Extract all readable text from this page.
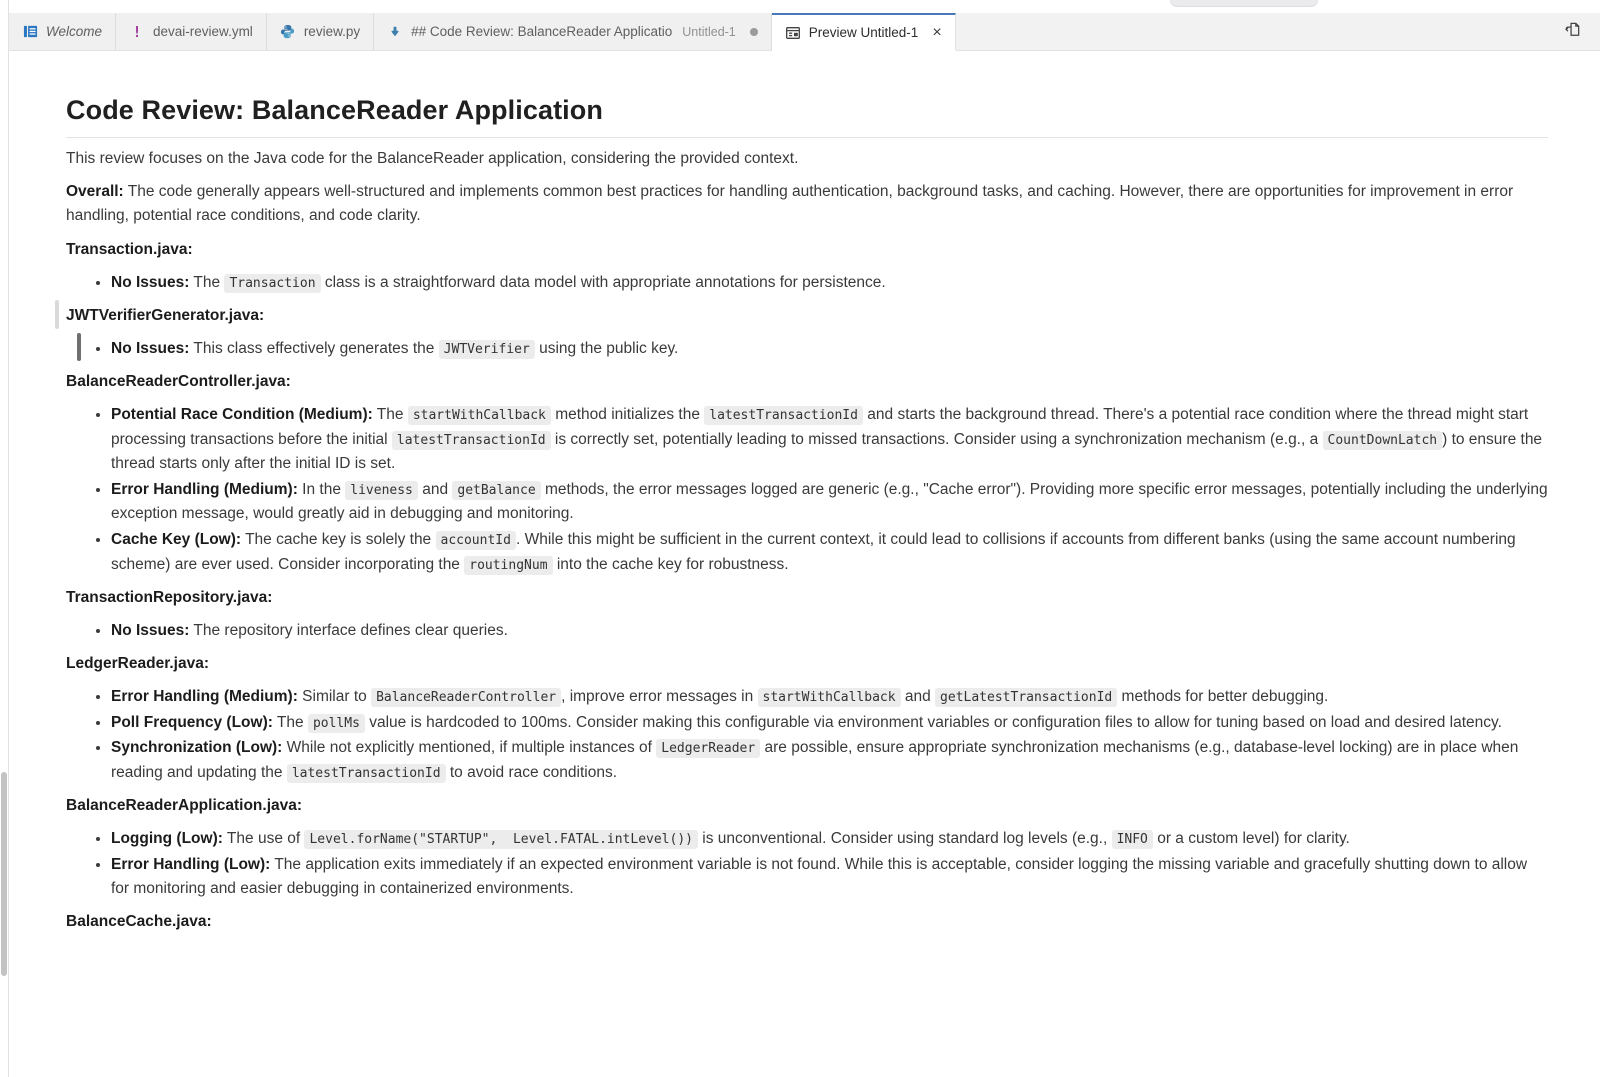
Welcome ! devai-review.yml	review.py	## Code Review: BalanceReader Applicatio Untitled-1	Preview Untitled-1 ×
Code Review: BalanceReader Application

This review focuses on the Java code for the BalanceReader application, considering the provided context.

Overall: The code generally appears well-structured and implements common best practices for handling authentication, background tasks, and caching. However, there are opportunities for improvement in error handling, potential race conditions, and code clarity.

Transaction.java:

• No Issues: The Transaction class is a straightforward data model with appropriate annotations for persistence.

JWTVerifierGenerator.java:

• No Issues: This class effectively generates the JWTVerifier using the public key.

BalanceReaderController.java:

• Potential Race Condition (Medium): The startWithCallback method initializes the latestTransactionId and starts the background thread. There's a potential race condition where the thread might start processing transactions before the initial latestTransactionId is correctly set, potentially leading to missed transactions. Consider using a synchronization mechanism (e.g., a CountDownLatch ) to ensure the thread starts only after the initial ID is set.
• Error Handling (Medium): In the liveness and getBalance methods, the error messages logged are generic (e.g., "Cache error"). Providing more specific error messages, potentially including the underlying exception message, would greatly aid in debugging and monitoring.
• Cache Key (Low): The cache key is solely the accountId . While this might be sufficient in the current context, it could lead to collisions if accounts from different banks (using the same account numbering scheme) are ever used. Consider incorporating the routingNum into the cache key for robustness.

TransactionRepository.java:

• No Issues: The repository interface defines clear queries.

LedgerReader.java:

• Error Handling (Medium): Similar to BalanceReaderController , improve error messages in startWithCallback and getLatestTransactionId methods for better debugging.
• Poll Frequency (Low): The pollMs value is hardcoded to 100ms. Consider making this configurable via environment variables or configuration files to allow for tuning based on load and desired latency.
• Synchronization (Low): While not explicitly mentioned, if multiple instances of LedgerReader are possible, ensure appropriate synchronization mechanisms (e.g., database-level locking) are in place when reading and updating the latestTransactionId to avoid race conditions.

BalanceReaderApplication.java:

• Logging (Low): The use of Level.forName("STARTUP",  Level.FATAL.intLevel()) is unconventional. Consider using standard log levels (e.g., INFO or a custom level) for clarity.
• Error Handling (Low): The application exits immediately if an expected environment variable is not found. While this is acceptable, consider logging the missing variable and gracefully shutting down to allow for monitoring and easier debugging in containerized environments.

BalanceCache.java:
